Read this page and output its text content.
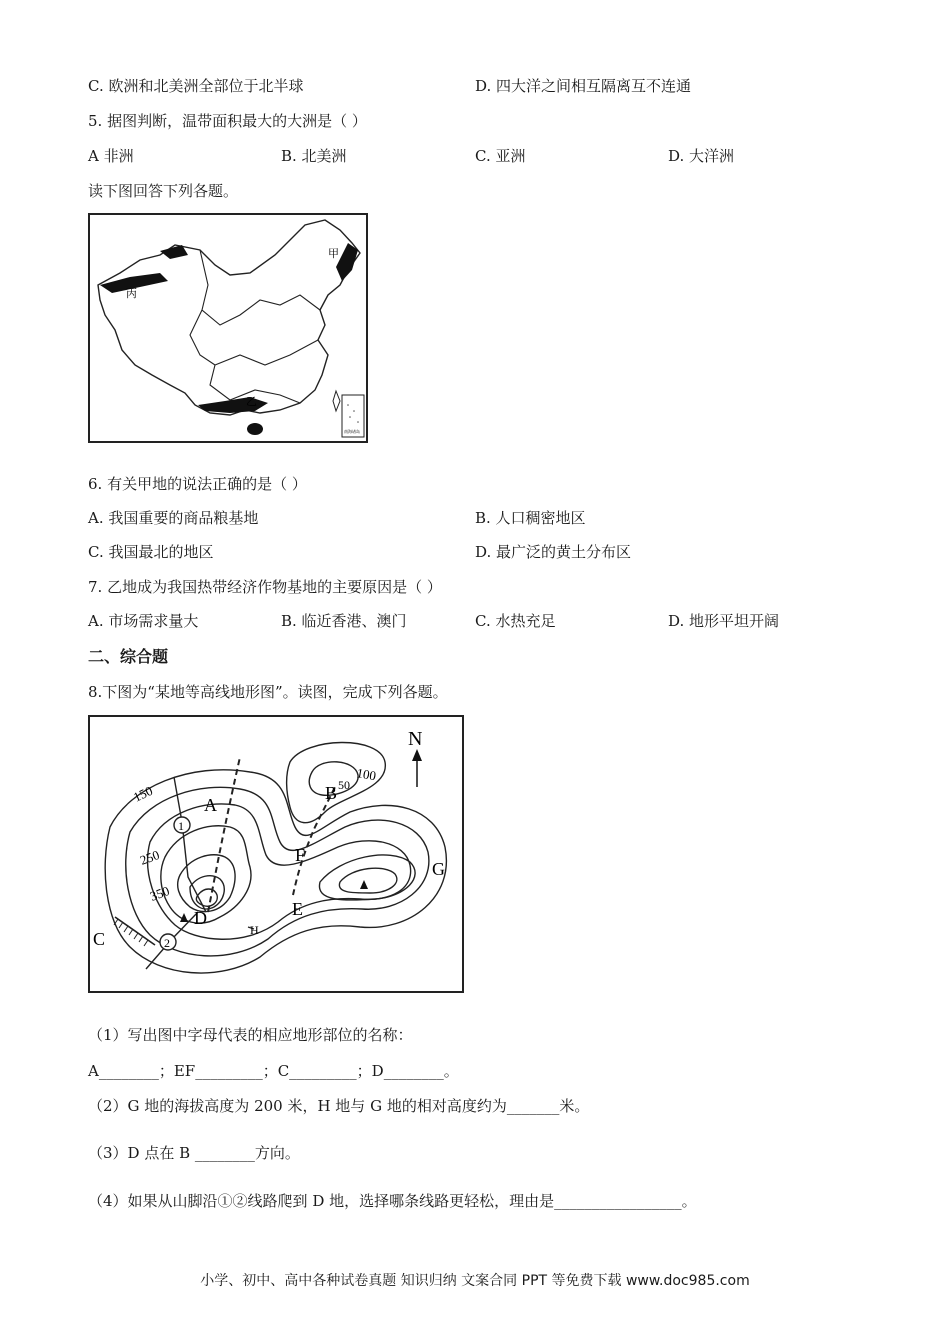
C. 欧洲和北美洲全部位于北半球	D. 四大洋之间相互隔离互不连通
5. 据图判断，温带面积最大的大洲是（ ）
A 非洲	B. 北美洲	C. 亚洲	D. 大洋洲
读下图回答下列各题。
南海诸岛
甲
乙
丙
6. 有关甲地的说法正确的是（ ）
A. 我国重要的商品粮基地	B. 人口稠密地区
C. 我国最北的地区	D. 最广泛的黄土分布区
7. 乙地成为我国热带经济作物基地的主要原因是（ ）
A. 市场需求量大	B. 临近香港、澳门	C. 水热充足	D. 地形平坦开阔
二、综合题
8.下图为“某地等高线地形图”。读图，完成下列各题。
N
150
100
50
250
350
A
B
C
D	E
F
G
H
1
2
（1）写出图中字母代表的相应地形部位的名称：
A________；EF_________；C_________；D________。
（2）G 地的海拔高度为 200 米，H 地与 G 地的相对高度约为_______米。
（3）D 点在 B ________方向。
（4）如果从山脚沿①②线路爬到 D 地，选择哪条线路更轻松，理由是_________________。
小学、初中、高中各种试卷真题 知识归纳 文案合同 PPT 等免费下载 www.doc985.com
